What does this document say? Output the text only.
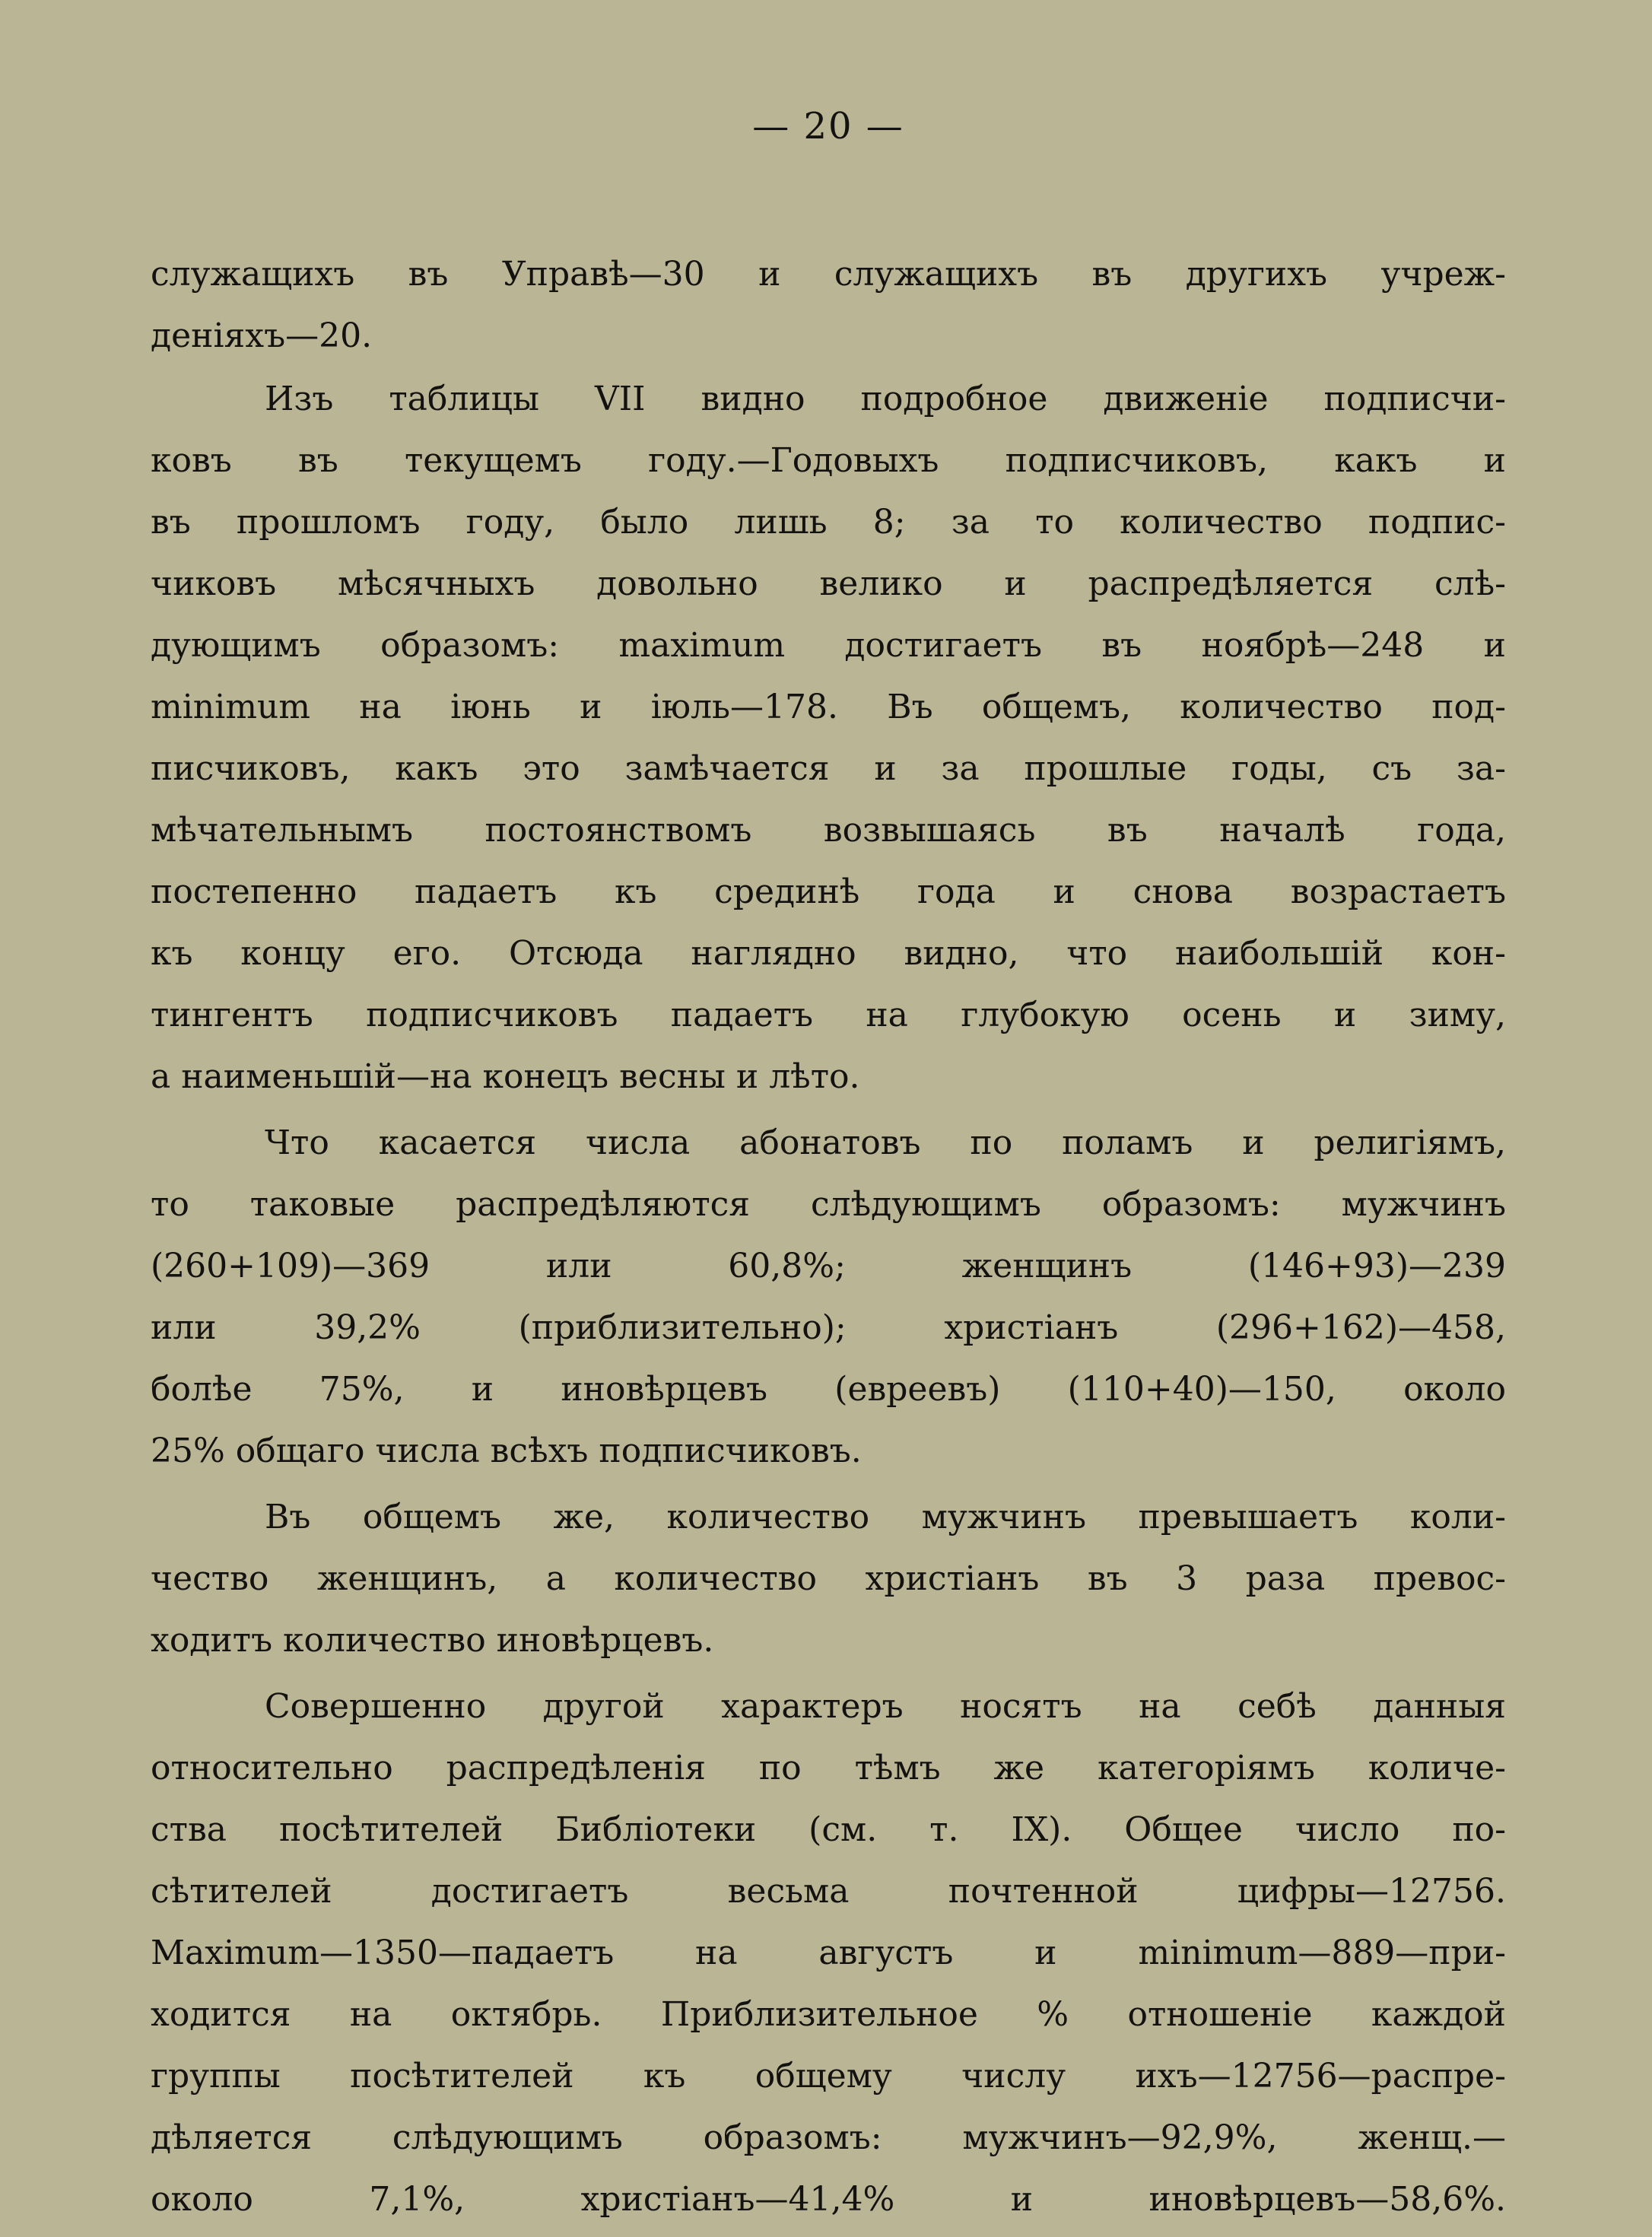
— 20 —
служащихъ въ Управѣ—30 и служащихъ въ другихъ учреж-
деніяхъ—20.
Изъ таблицы VII видно подробное движеніе подписчи-
ковъ въ текущемъ году.—Годовыхъ подписчиковъ, какъ и
въ прошломъ году, было лишь 8; за то количество подпис-
чиковъ мѣсячныхъ довольно велико и распредѣляется слѣ-
дующимъ образомъ: maximum достигаетъ въ ноябрѣ—248 и
minimum на іюнь и іюль—178. Въ общемъ, количество под-
писчиковъ, какъ это замѣчается и за прошлые годы, съ за-
мѣчательнымъ постоянствомъ возвышаясь въ началѣ года,
постепенно падаетъ къ срединѣ года и снова возрастаетъ
къ концу его. Отсюда наглядно видно, что наибольшій кон-
тингентъ подписчиковъ падаетъ на глубокую осень и зиму,
а наименьшій—на конецъ весны и лѣто.
Что касается числа абонатовъ по поламъ и религіямъ,
то таковые распредѣляются слѣдующимъ образомъ: мужчинъ
(260+109)—369 или 60,8%; женщинъ (146+93)—239
или 39,2% (приблизительно); христіанъ (296+162)—458,
болѣе 75%, и иновѣрцевъ (евреевъ) (110+40)—150, около
25% общаго числа всѣхъ подписчиковъ.
Въ общемъ же, количество мужчинъ превышаетъ коли-
чество женщинъ, а количество христіанъ въ 3 раза превос-
ходитъ количество иновѣрцевъ.
Совершенно другой характеръ носятъ на себѣ данныя
относительно распредѣленія по тѣмъ же категоріямъ количе-
ства посѣтителей Библіотеки (см. т. IX). Общее число по-
сѣтителей достигаетъ весьма почтенной цифры—12756.
Maximum—1350—падаетъ на августъ и minimum—889—при-
ходится на октябрь. Приблизительное % отношеніе каждой
группы посѣтителей къ общему числу ихъ—12756—распре-
дѣляется слѣдующимъ образомъ: мужчинъ—92,9%, женщ.—
около 7,1%, христіанъ—41,4% и иновѣрцевъ—58,6%.
